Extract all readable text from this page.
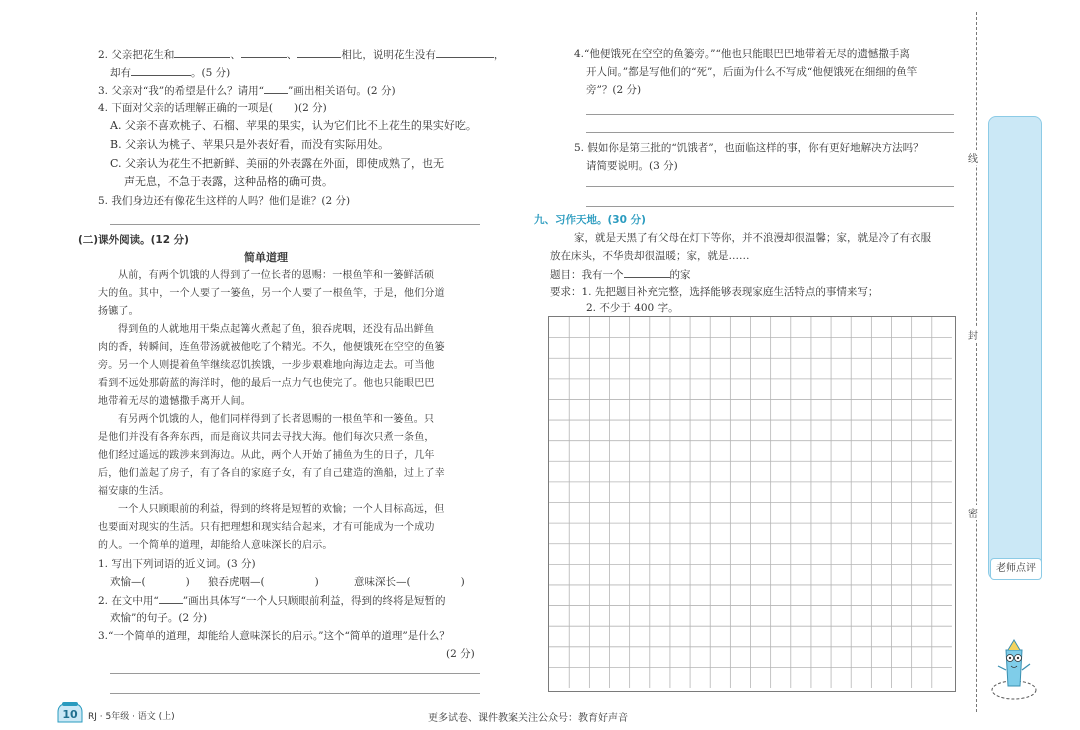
2. 父亲把花生和	、	、	相比，说明花生没有	，
却有	。(5 分)
3. 父亲对“我”的希望是什么？请用“ ”画出相关语句。(2 分)
4. 下面对父亲的话理解正确的一项是(　　)(2 分)
A. 父亲不喜欢桃子、石榴、苹果的果实，认为它们比不上花生的果实好吃。
B. 父亲认为桃子、苹果只是外表好看，而没有实际用处。
C. 父亲认为花生不把新鲜、美丽的外表露在外面，即使成熟了，也无
声无息，不急于表露，这种品格的确可贵。
5. 我们身边还有像花生这样的人吗？他们是谁？(2 分)
(二)课外阅读。(12 分)
简单道理
从前，有两个饥饿的人得到了一位长者的恩赐：一根鱼竿和一篓鲜活硕
大的鱼。其中，一个人要了一篓鱼，另一个人要了一根鱼竿，于是，他们分道
扬镳了。
得到鱼的人就地用干柴点起篝火煮起了鱼，狼吞虎咽，还没有品出鲜鱼
肉的香，转瞬间，连鱼带汤就被他吃了个精光。不久，他便饿死在空空的鱼篓
旁。另一个人则提着鱼竿继续忍饥挨饿，一步步艰难地向海边走去。可当他
看到不远处那蔚蓝的海洋时，他的最后一点力气也使完了。他也只能眼巴巴
地带着无尽的遗憾撒手离开人间。
有另两个饥饿的人，他们同样得到了长者恩赐的一根鱼竿和一篓鱼。只
是他们并没有各奔东西，而是商议共同去寻找大海。他们每次只煮一条鱼，
他们经过遥远的跋涉来到海边。从此，两个人开始了捕鱼为生的日子，几年
后，他们盖起了房子，有了各自的家庭子女，有了自己建造的渔船，过上了幸
福安康的生活。
一个人只顾眼前的利益，得到的终将是短暂的欢愉；一个人目标高远，但
也要面对现实的生活。只有把理想和现实结合起来，才有可能成为一个成功
的人。一个简单的道理，却能给人意味深长的启示。
1. 写出下列词语的近义词。(3 分)
欢愉—(	) 狼吞虎咽—(	)	意味深长—(	)
2. 在文中用“ ”画出具体写“一个人只顾眼前利益，得到的终将是短暂的
欢愉”的句子。(2 分)
3.“一个简单的道理，却能给人意味深长的启示。”这个“简单的道理”是什么？
(2 分)
4.“他便饿死在空空的鱼篓旁。”“他也只能眼巴巴地带着无尽的遗憾撒手离
开人间。”都是写他们的“死”，后面为什么不写成“他便饿死在细细的鱼竿
旁”？(2 分)
5. 假如你是第三批的“饥饿者”，也面临这样的事，你有更好地解决方法吗？
请简要说明。(3 分)
九、习作天地。(30 分)
家，就是天黑了有父母在灯下等你，并不浪漫却很温馨；家，就是冷了有衣服
放在床头，不华贵却很温暖；家，就是……
题目：我有一个	的家
要求：1. 先把题目补充完整，选择能够表现家庭生活特点的事情来写；
2. 不少于 400 字。
线
封
密
老师点评
10 RJ · 5年级 · 语文 (上)	更多试卷、课件教案关注公众号：教育好声音
